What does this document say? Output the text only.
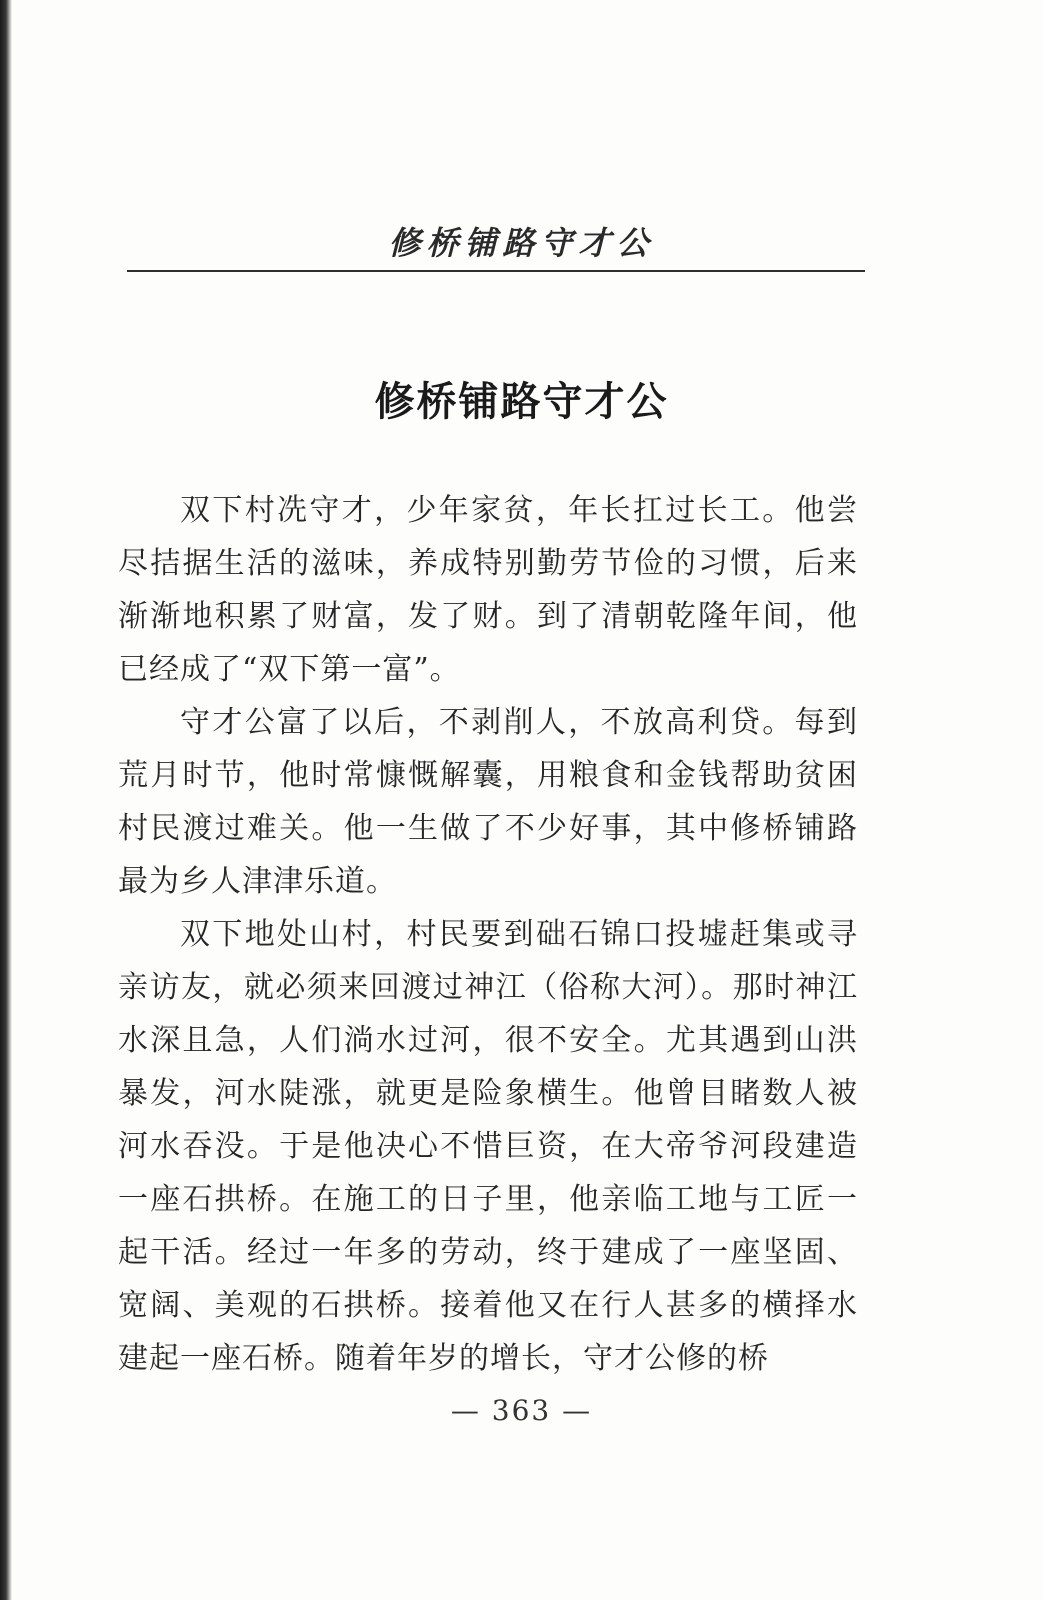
修桥铺路守才公
修桥铺路守才公

双下村冼守才，少年家贫，年长扛过长工。他尝尽拮据生活的滋味，养成特别勤劳节俭的习惯，后来渐渐地积累了财富，发了财。到了清朝乾隆年间，他已经成了“双下第一富”。

守才公富了以后，不剥削人，不放高利贷。每到荒月时节，他时常慷慨解囊，用粮食和金钱帮助贫困村民渡过难关。他一生做了不少好事，其中修桥铺路最为乡人津津乐道。

双下地处山村，村民要到础石锦口投墟赶集或寻亲访友，就必须来回渡过神江（俗称大河）。那时神江水深且急，人们淌水过河，很不安全。尤其遇到山洪暴发，河水陡涨，就更是险象横生。他曾目睹数人被河水吞没。于是他决心不惜巨资，在大帝爷河段建造一座石拱桥。在施工的日子里，他亲临工地与工匠一起干活。经过一年多的劳动，终于建成了一座坚固、宽阔、美观的石拱桥。接着他又在行人甚多的横择水建起一座石桥。随着年岁的增长，守才公修的桥

— 363 —
